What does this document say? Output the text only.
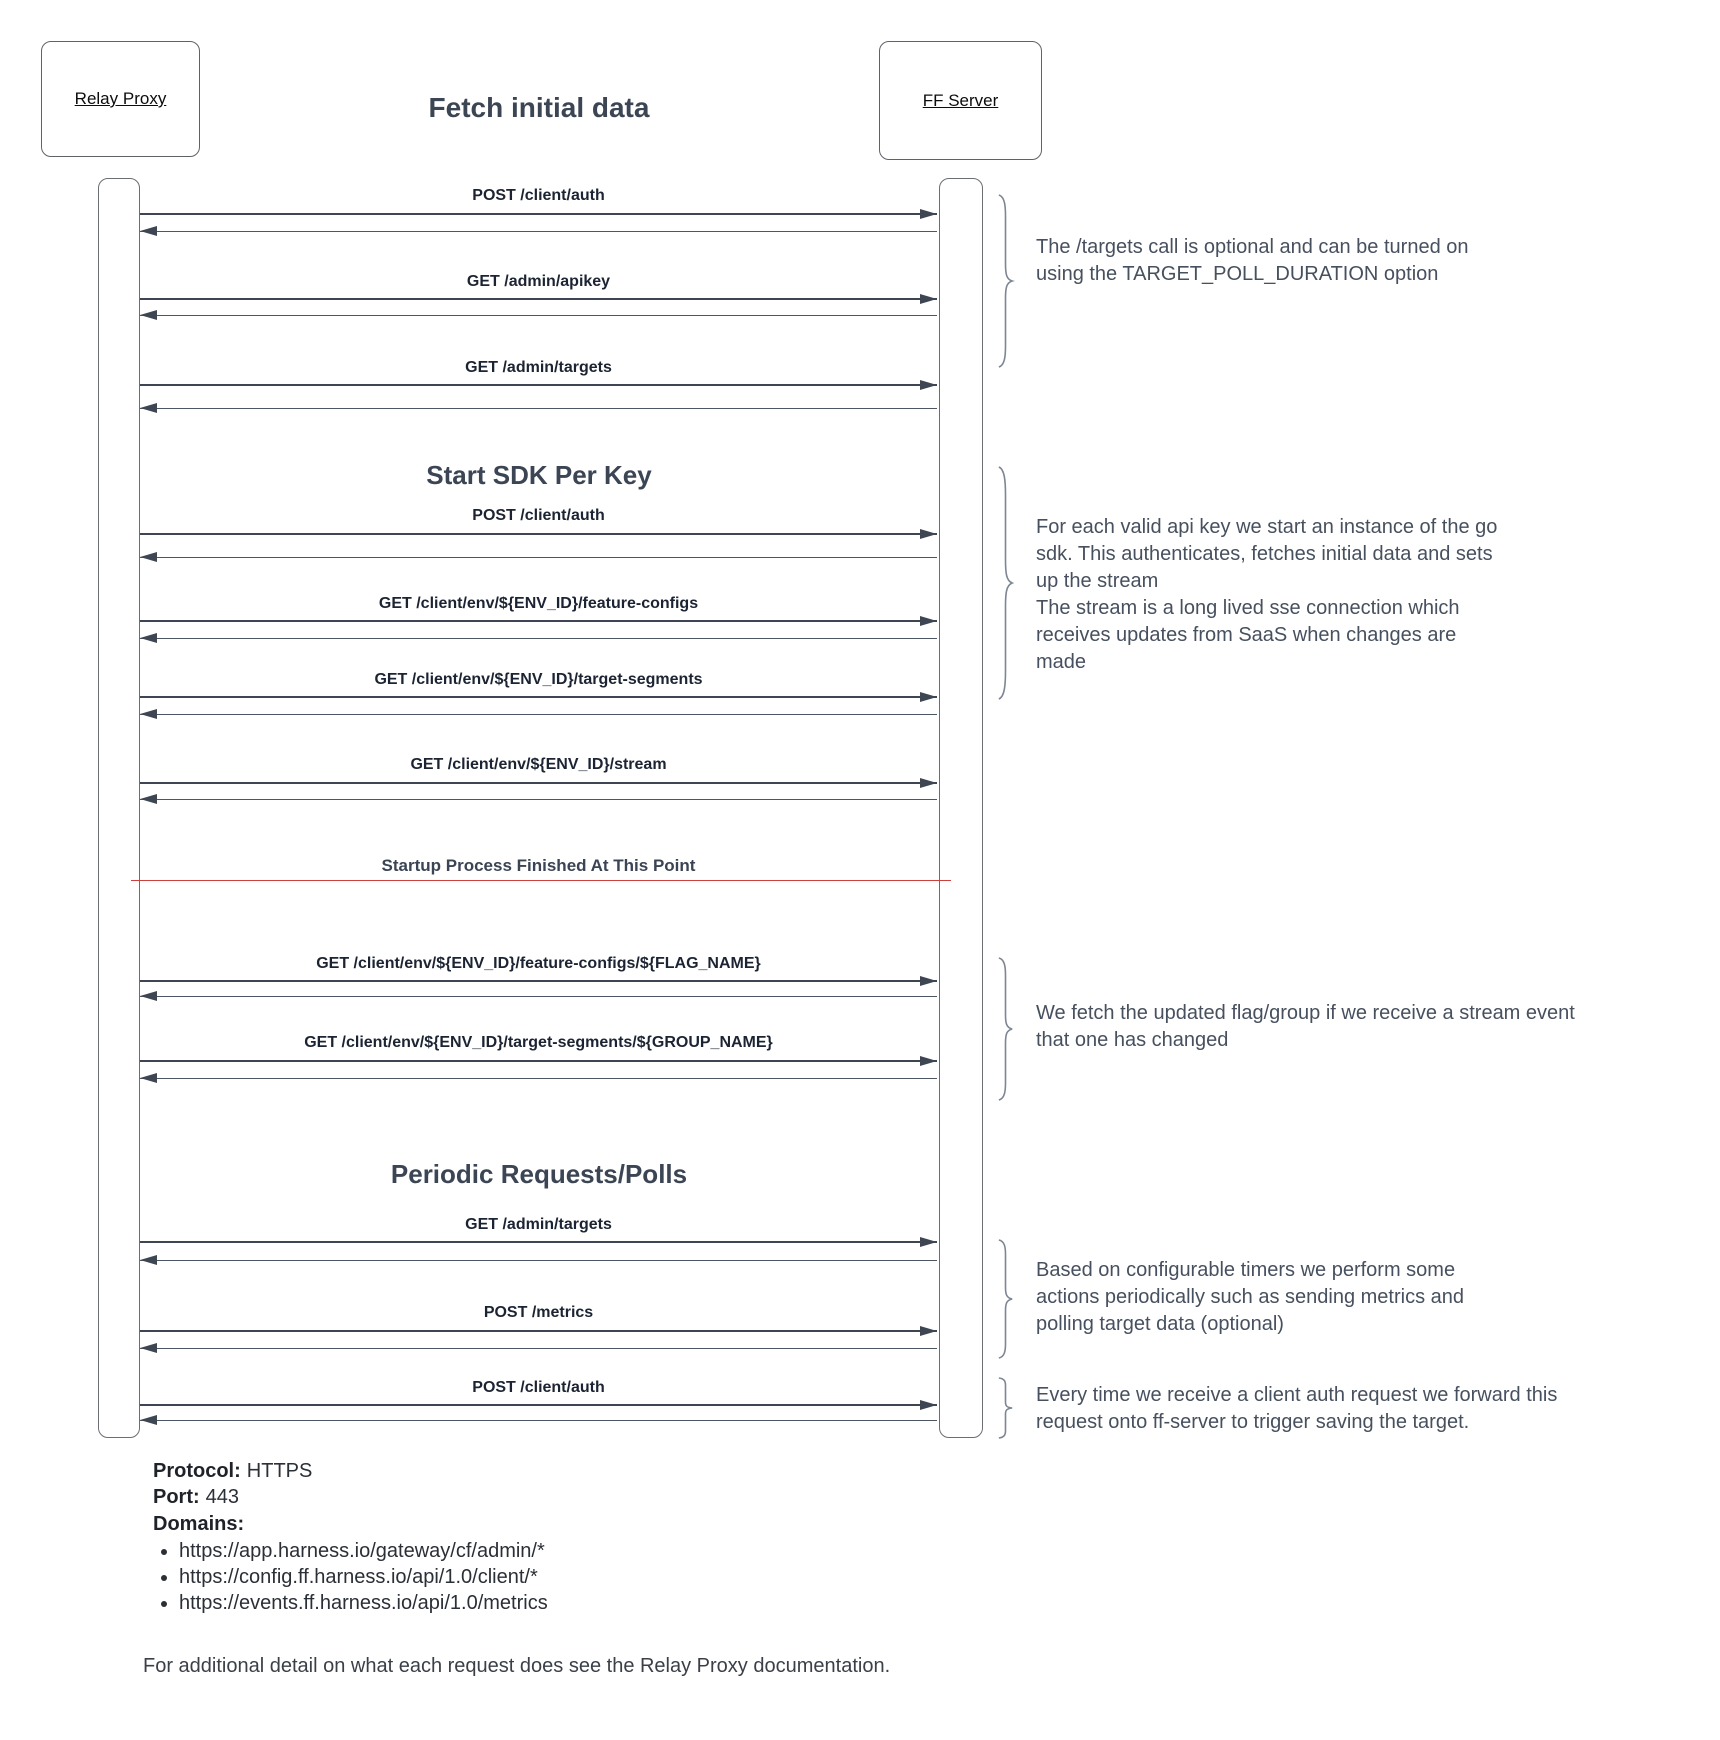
Relay Proxy	FF Server
Fetch initial data
Start SDK Per Key
Periodic Requests/Polls
POST /client/auth
GET /admin/apikey
GET /admin/targets
POST /client/auth
GET /client/env/${ENV_ID}/feature-configs
GET /client/env/${ENV_ID}/target-segments
GET /client/env/${ENV_ID}/stream
Startup Process Finished At This Point
GET /client/env/${ENV_ID}/feature-configs/${FLAG_NAME}
GET /client/env/${ENV_ID}/target-segments/${GROUP_NAME}
GET /admin/targets
POST /metrics
POST /client/auth
The /targets call is optional and can be turned on using the TARGET_POLL_DURATION option

For each valid api key we start an instance of the go sdk. This authenticates, fetches initial data and sets up the stream

The stream is a long lived sse connection which receives updates from SaaS when changes are made

We fetch the updated flag/group if we receive a stream event that one has changed
Based on configurable timers we perform some actions periodically such as sending metrics and polling target data (optional)
Every time we receive a client auth request we forward this request onto ff-server to trigger saving the target.
Protocol: HTTPS
Port: 443
Domains:
• https://app.harness.io/gateway/cf/admin/*
• https://config.ff.harness.io/api/1.0/client/*
• https://events.ff.harness.io/api/1.0/metrics
For additional detail on what each request does see the Relay Proxy documentation.
